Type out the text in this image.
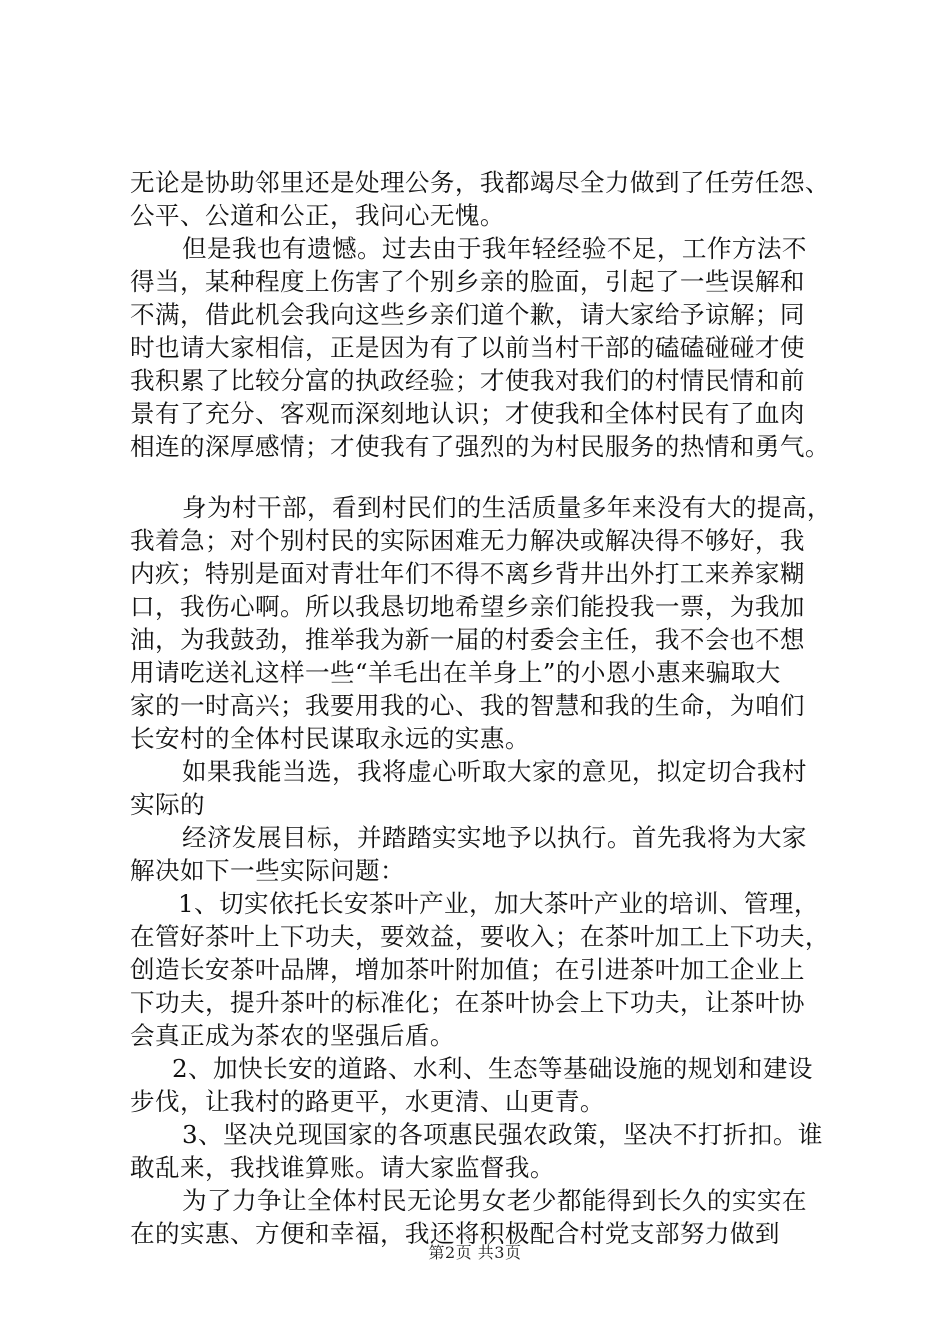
无论是协助邻里还是处理公务，我都竭尽全力做到了任劳任怨、
公平、公道和公正，我问心无愧。
但是我也有遗憾。过去由于我年轻经验不足，工作方法不
得当，某种程度上伤害了个别乡亲的脸面，引起了一些误解和
不满，借此机会我向这些乡亲们道个歉，请大家给予谅解；同
时也请大家相信，正是因为有了以前当村干部的磕磕碰碰才使
我积累了比较分富的执政经验；才使我对我们的村情民情和前
景有了充分、客观而深刻地认识；才使我和全体村民有了血肉
相连的深厚感情；才使我有了强烈的为村民服务的热情和勇气。
身为村干部，看到村民们的生活质量多年来没有大的提高，
我着急；对个别村民的实际困难无力解决或解决得不够好，我
内疚；特别是面对青壮年们不得不离乡背井出外打工来养家糊
口，我伤心啊。所以我恳切地希望乡亲们能投我一票，为我加
油，为我鼓劲，推举我为新一届的村委会主任，我不会也不想
用请吃送礼这样一些“羊毛出在羊身上”的小恩小惠来骗取大
家的一时高兴；我要用我的心、我的智慧和我的生命，为咱们
长安村的全体村民谋取永远的实惠。
如果我能当选，我将虚心听取大家的意见，拟定切合我村
实际的
经济发展目标，并踏踏实实地予以执行。首先我将为大家
解决如下一些实际问题：
1、切实依托长安茶叶产业，加大茶叶产业的培训、管理，
在管好茶叶上下功夫，要效益，要收入；在茶叶加工上下功夫，
创造长安茶叶品牌，增加茶叶附加值；在引进茶叶加工企业上
下功夫，提升茶叶的标准化；在茶叶协会上下功夫，让茶叶协
会真正成为茶农的坚强后盾。
2、加快长安的道路、水利、生态等基础设施的规划和建设
步伐，让我村的路更平，水更清、山更青。
3、坚决兑现国家的各项惠民强农政策，坚决不打折扣。谁
敢乱来，我找谁算账。请大家监督我。
为了力争让全体村民无论男女老少都能得到长久的实实在
在的实惠、方便和幸福，我还将积极配合村党支部努力做到
第2页 共3页
